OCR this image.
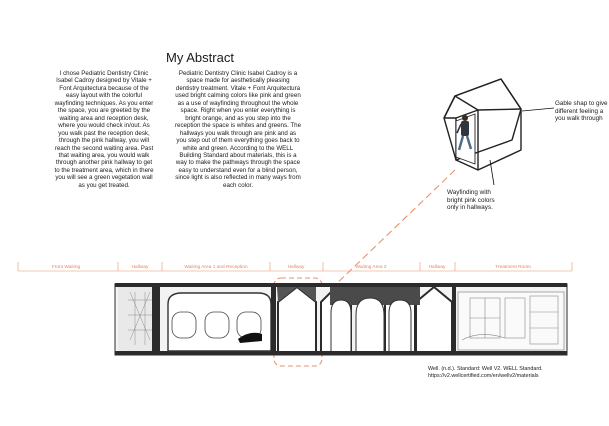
My Abstract
I chose Pediatric Dentistry Clinic
Isabel Cadroy designed by Vitale +
Font Arquitectura because of the
easy layout with the colorful
wayfinding techniques. As you enter
the space, you are greeted by the
waiting area and reception desk,
where you would check in/out. As
you walk past the reception desk,
through the pink hallway, you will
reach the second waiting area. Past
that waiting area, you would walk
through another pink hallway to get
to the treatment area, which in there
you will see a green vegetation wall
as you get treated.
Pediatric Dentistry Clinic Isabel Cadroy is a
space made for aesthetically pleasing
dentistry treatment. Vitale + Font Arquitectura
used bright calming colors like pink and green
as a use of wayfinding throughout the whole
space. Right when you enter everything is
bright orange, and as you step into the
reception the space is whites and greens. The
hallways you walk through are pink and as
you step out of them everything goes back to
white and green. According to the WELL
Building Standard about materials, this is a
way to make the pathways through the space
easy to understand even for a blind person,
since light is also reflected in many ways from
each color.
Gable shap to give
different feeling a
you walk through
Wayfinding with
bright pink colors
only in hallways.
Well. (n.d.). Standard: Well V2. WELL Standard.
https://v2.wellcertified.com/en/wellv2/materials
Front Waiting	Hallway	Waiting Area 1 and Reception	Hallway	Waiting Area 2	Hallway	Treatment Room
